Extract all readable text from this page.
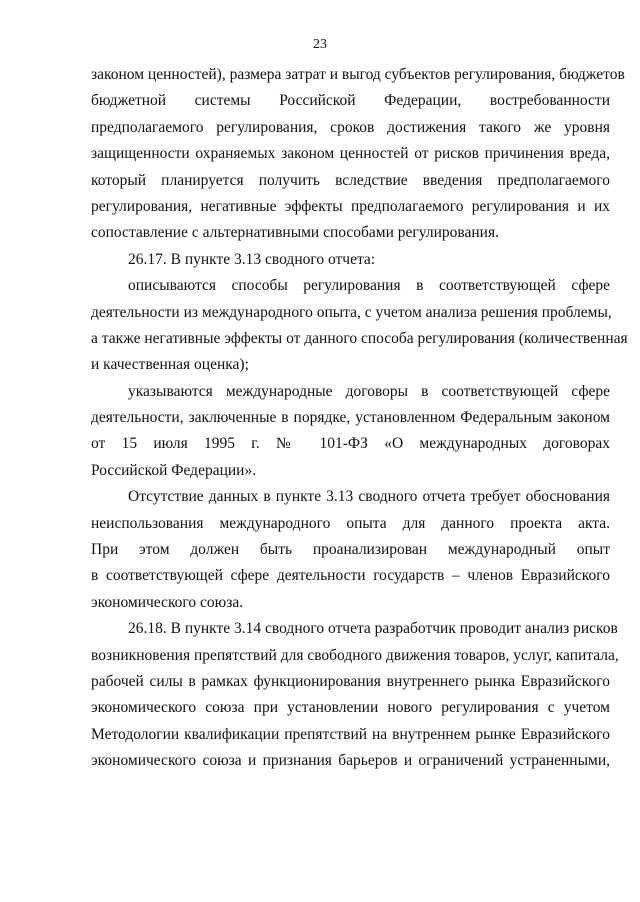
23
законом ценностей), размера затрат и выгод субъектов регулирования, бюджетов
бюджетной системы Российской Федерации, востребованности
предполагаемого регулирования, сроков достижения такого же уровня
защищенности охраняемых законом ценностей от рисков причинения вреда,
который планируется получить вследствие введения предполагаемого
регулирования, негативные эффекты предполагаемого регулирования и их
сопоставление с альтернативными способами регулирования.
26.17. В пункте 3.13 сводного отчета:
описываются способы регулирования в соответствующей сфере
деятельности из международного опыта, с учетом анализа решения проблемы,
а также негативные эффекты от данного способа регулирования (количественная
и качественная оценка);
указываются международные договоры в соответствующей сфере
деятельности, заключенные в порядке, установленном Федеральным законом
от 15 июля 1995 г. № 101-ФЗ «О международных договорах
Российской Федерации».
Отсутствие данных в пункте 3.13 сводного отчета требует обоснования
неиспользования международного опыта для данного проекта акта.
При этом должен быть проанализирован международный опыт
в соответствующей сфере деятельности государств – членов Евразийского
экономического союза.
26.18. В пункте 3.14 сводного отчета разработчик проводит анализ рисков
возникновения препятствий для свободного движения товаров, услуг, капитала,
рабочей силы в рамках функционирования внутреннего рынка Евразийского
экономического союза при установлении нового регулирования с учетом
Методологии квалификации препятствий на внутреннем рынке Евразийского
экономического союза и признания барьеров и ограничений устраненными,
